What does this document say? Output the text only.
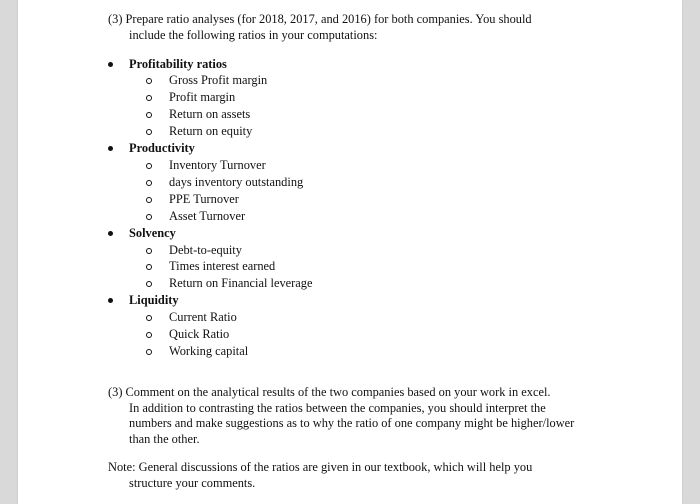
(3) Prepare ratio analyses (for 2018, 2017, and 2016) for both companies. You should
include the following ratios in your computations:
Profitability ratios
Gross Profit margin
Profit margin
Return on assets
Return on equity
Productivity
Inventory Turnover
days inventory outstanding
PPE Turnover
Asset Turnover
Solvency
Debt-to-equity
Times interest earned
Return on Financial leverage
Liquidity
Current Ratio
Quick Ratio
Working capital
(3) Comment on the analytical results of the two companies based on your work in excel.
In addition to contrasting the ratios between the companies, you should interpret the
numbers and make suggestions as to why the ratio of one company might be higher/lower
than the other.
Note: General discussions of the ratios are given in our textbook, which will help you
structure your comments.
